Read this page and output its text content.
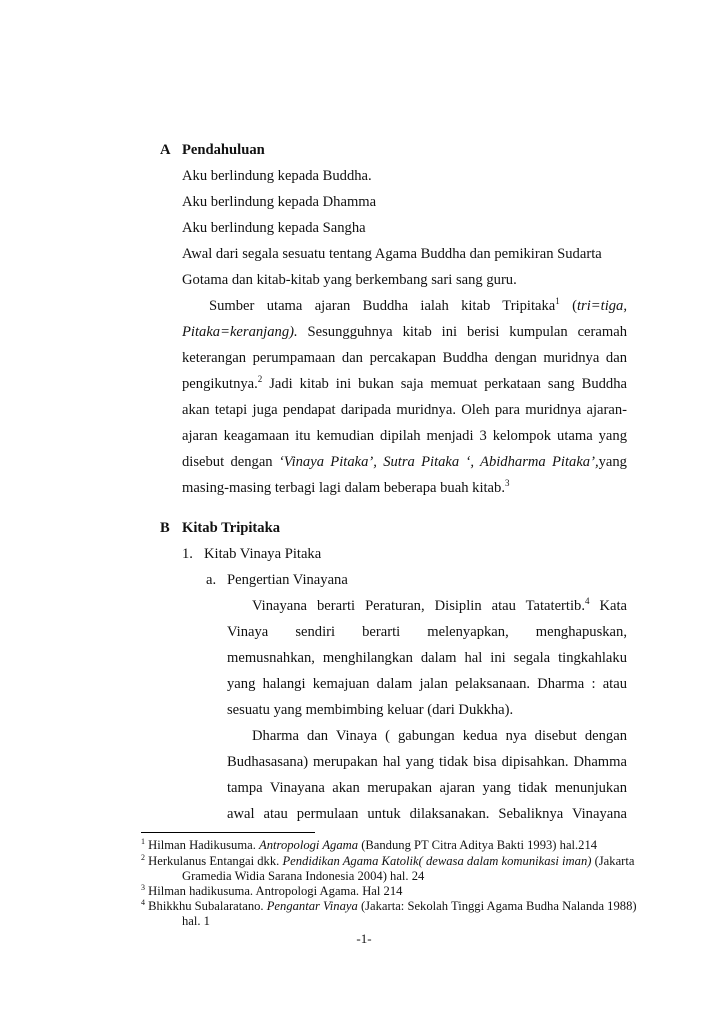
A Pendahuluan
Aku berlindung kepada Buddha.
Aku berlindung kepada Dhamma
Aku berlindung kepada Sangha
Awal dari segala sesuatu tentang Agama Buddha dan pemikiran Sudarta
Gotama dan kitab-kitab yang berkembang sari sang guru.
Sumber utama ajaran Buddha ialah kitab Tripitaka$^1$ (tri=tiga,
Pitaka=keranjang). Sesungguhnya kitab ini berisi kumpulan ceramah
keterangan perumpamaan dan percakapan Buddha dengan muridnya dan
pengikutnya.$^2$ Jadi kitab ini bukan saja memuat perkataan sang Buddha
akan tetapi juga pendapat daripada muridnya. Oleh para muridnya ajaran-
ajaran keagamaan itu kemudian dipilah menjadi 3 kelompok utama yang
disebut dengan ‘Vinaya Pitaka’, Sutra Pitaka ‘, Abidharma Pitaka’,yang
masing-masing terbagi lagi dalam beberapa buah kitab.$^3$
B Kitab Tripitaka
1. Kitab Vinaya Pitaka
a. Pengertian Vinayana
Vinayana berarti Peraturan, Disiplin atau Tatatertib.$^4$ Kata
Vinaya sendiri berarti melenyapkan, menghapuskan,
memusnahkan, menghilangkan dalam hal ini segala tingkahlaku
yang halangi kemajuan dalam jalan pelaksanaan. Dharma : atau
sesuatu yang membimbing keluar (dari Dukkha).
Dharma dan Vinaya ( gabungan kedua nya disebut dengan
Budhasasana) merupakan hal yang tidak bisa dipisahkan. Dhamma
tampa Vinayana akan merupakan ajaran yang tidak menunjukan
awal atau permulaan untuk dilaksanakan. Sebaliknya Vinayana
$^1$ Hilman Hadikusuma. Antropologi Agama (Bandung PT Citra Aditya Bakti 1993) hal.214
$^2$ Herkulanus Entangai dkk. Pendidikan Agama Katolik( dewasa dalam komunikasi iman) (Jakarta
Gramedia Widia Sarana Indonesia 2004) hal. 24
$^3$ Hilman hadikusuma. Antropologi Agama. Hal 214
$^4$ Bhikkhu Subalaratano. Pengantar Vinaya (Jakarta: Sekolah Tinggi Agama Budha Nalanda 1988)
hal. 1
-1-
